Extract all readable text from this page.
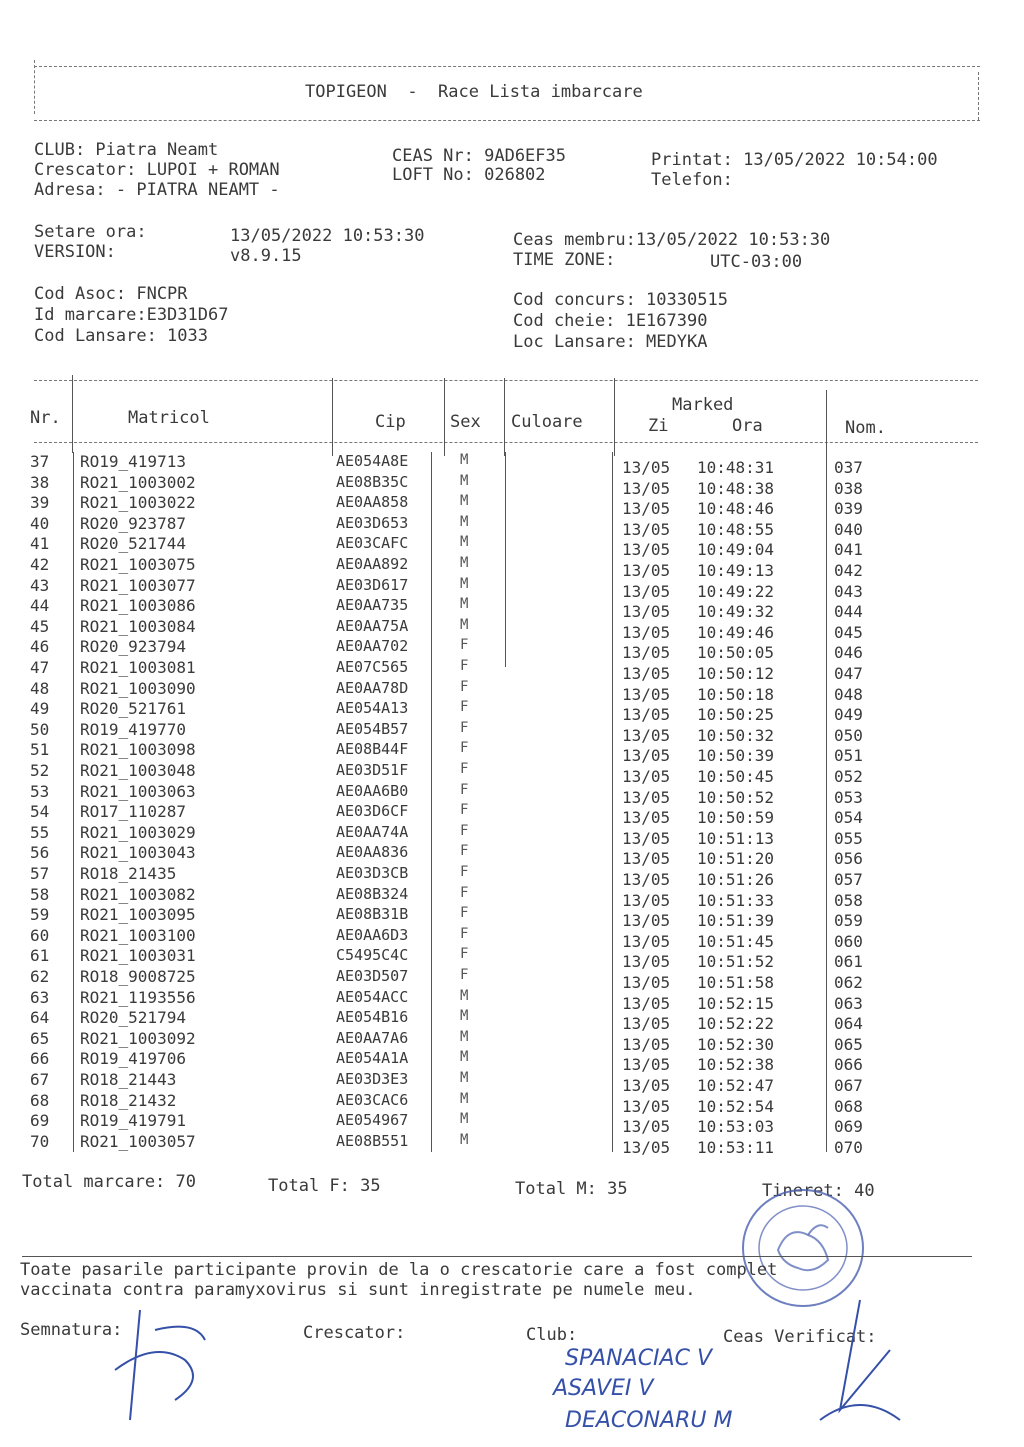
TOPIGEON  -  Race Lista imbarcare
CLUB: Piatra Neamt
Crescator: LUPOI + ROMAN
Adresa: - PIATRA NEAMT -
CEAS Nr: 9AD6EF35
LOFT No: 026802
Printat: 13/05/2022 10:54:00
Telefon:
Setare ora:	13/05/2022 10:53:30
VERSION:	v8.9.15
Ceas membru:13/05/2022 10:53:30
TIME ZONE:	UTC-03:00
Cod Asoc: FNCPR
Id marcare:E3D31D67
Cod Lansare: 1033
Cod concurs: 10330515
Cod cheie: 1E167390
Loc Lansare: MEDYKA
Nr.	Matricol	Cip	Sex Culoare
Marked
Zi	Ora	Nom.
37 RO19_419713	AE054A8E	M	13/05 10:48:31	037
38 RO21_1003002	AE08B35C	M	13/05 10:48:38	038
39 RO21_1003022	AE0AA858	M	13/05 10:48:46	039
40 RO20_923787	AE03D653	M	13/05 10:48:55	040
41 RO20_521744	AE03CAFC	M	13/05 10:49:04	041
42 RO21_1003075	AE0AA892	M	13/05 10:49:13	042
43 RO21_1003077	AE03D617	M	13/05 10:49:22	043
44 RO21_1003086	AE0AA735	M	13/05 10:49:32	044
45 RO21_1003084	AE0AA75A	M	13/05 10:49:46	045
46 RO20_923794	AE0AA702	F	13/05 10:50:05	046
47 RO21_1003081	AE07C565	F	13/05 10:50:12	047
48 RO21_1003090	AE0AA78D	F	13/05 10:50:18	048
49 RO20_521761	AE054A13	F	13/05 10:50:25	049
50 RO19_419770	AE054B57	F	13/05 10:50:32	050
51 RO21_1003098	AE08B44F	F	13/05 10:50:39	051
52 RO21_1003048	AE03D51F	F	13/05 10:50:45	052
53 RO21_1003063	AE0AA6B0	F	13/05 10:50:52	053
54 RO17_110287	AE03D6CF	F	13/05 10:50:59	054
55 RO21_1003029	AE0AA74A	F	13/05 10:51:13	055
56 RO21_1003043	AE0AA836	F	13/05 10:51:20	056
57 RO18_21435	AE03D3CB	F	13/05 10:51:26	057
58 RO21_1003082	AE08B324	F	13/05 10:51:33	058
59 RO21_1003095	AE08B31B	F	13/05 10:51:39	059
60 RO21_1003100	AE0AA6D3	F	13/05 10:51:45	060
61 RO21_1003031	C5495C4C	F	13/05 10:51:52	061
62 RO18_9008725	AE03D507	F	13/05 10:51:58	062
63 RO21_1193556	AE054ACC	M	13/05 10:52:15	063
64 RO20_521794	AE054B16	M	13/05 10:52:22	064
65 RO21_1003092	AE0AA7A6	M	13/05 10:52:30	065
66 RO19_419706	AE054A1A	M	13/05 10:52:38	066
67 RO18_21443	AE03D3E3	M	13/05 10:52:47	067
68 RO18_21432	AE03CAC6	M	13/05 10:52:54	068
69 RO19_419791	AE054967	M	13/05 10:53:03	069
70 RO21_1003057	AE08B551	M	13/05 10:53:11	070
Total marcare: 70	Total F: 35	Total M: 35	Tineret: 40
Toate pasarile participante provin de la o crescatorie care a fost complet
vaccinata contra paramyxovirus si sunt inregistrate pe numele meu.
Semnatura:	Crescator:	Club:	Ceas Verificat:
SPANACIAC V
ASAVEI V
DEACONARU M
